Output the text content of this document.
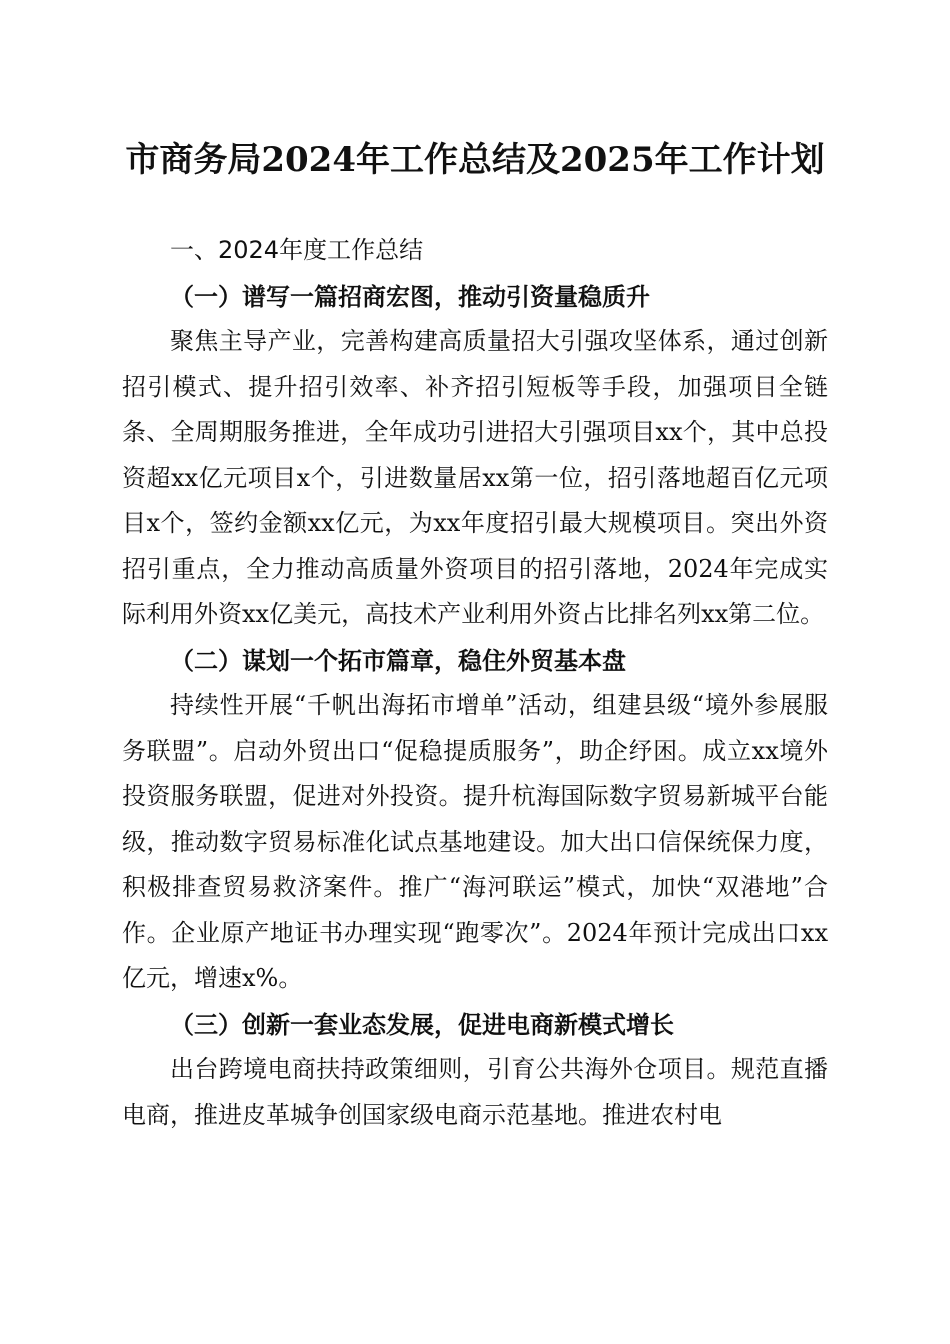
市商务局2024年工作总结及2025年工作计划

一、2024年度工作总结

（一）谱写一篇招商宏图，推动引资量稳质升

聚焦主导产业，完善构建高质量招大引强攻坚体系，通过创新招引模式、提升招引效率、补齐招引短板等手段，加强项目全链条、全周期服务推进，全年成功引进招大引强项目xx个，其中总投资超xx亿元项目x个，引进数量居xx第一位，招引落地超百亿元项目x个，签约金额xx亿元，为xx年度招引最大规模项目。突出外资招引重点，全力推动高质量外资项目的招引落地，2024年完成实际利用外资xx亿美元，高技术产业利用外资占比排名列xx第二位。

（二）谋划一个拓市篇章，稳住外贸基本盘

持续性开展“千帆出海拓市增单”活动，组建县级“境外参展服务联盟”。启动外贸出口“促稳提质服务”，助企纾困。成立xx境外投资服务联盟，促进对外投资。提升杭海国际数字贸易新城平台能级，推动数字贸易标准化试点基地建设。加大出口信保统保力度，积极排查贸易救济案件。推广“海河联运”模式，加快“双港地”合作。企业原产地证书办理实现“跑零次”。2024年预计完成出口xx亿元，增速x%。

（三）创新一套业态发展，促进电商新模式增长

出台跨境电商扶持政策细则，引育公共海外仓项目。规范直播电商，推进皮革城争创国家级电商示范基地。推进农村电
